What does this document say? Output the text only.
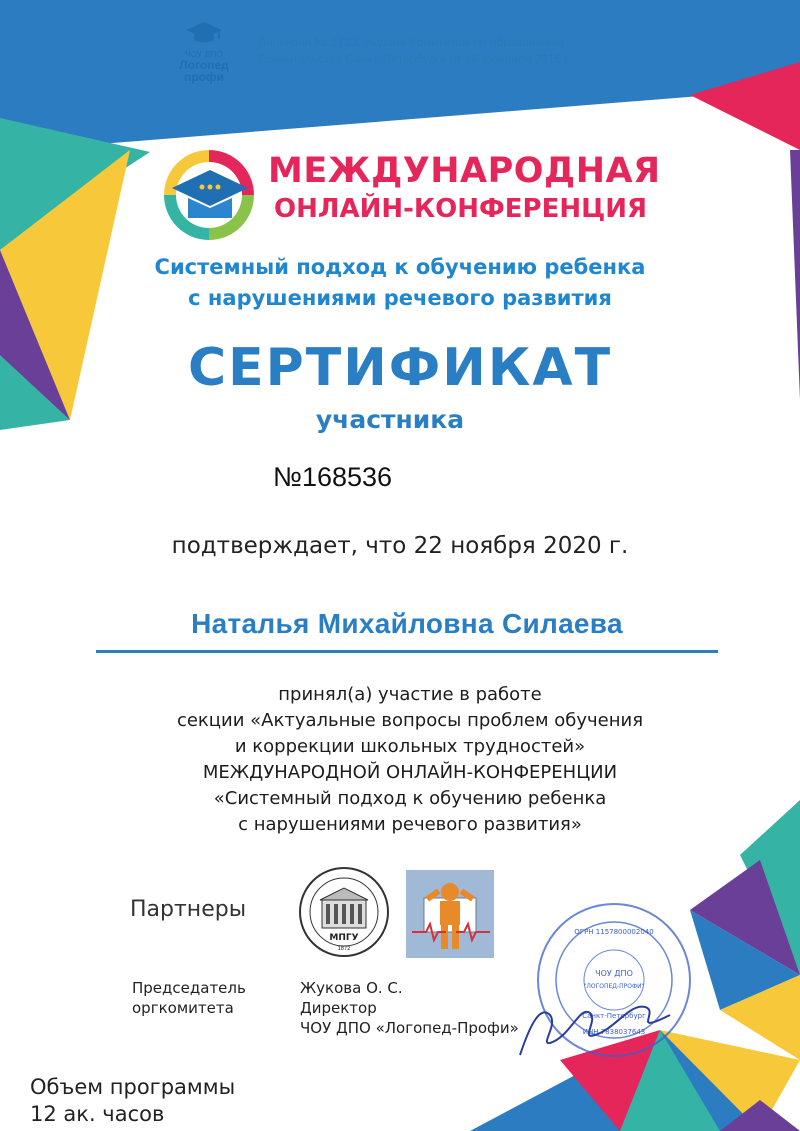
ЧОУ ДПО
Логопед
профи
Лицензия № 1723, выдана Комитетом по образованию
Правительства Санкт-Петербурга от 16 февраля 2016 г.
МЕЖДУНАРОДНАЯ
ОНЛАЙН-КОНФЕРЕНЦИЯ
Системный подход к обучению ребенка
с нарушениями речевого развития
СЕРТИФИКАТ
участника
№168536
подтверждает, что 22 ноября 2020 г.
Наталья Михайловна Силаева
принял(а) участие в работе
секции «Актуальные вопросы проблем обучения
и коррекции школьных трудностей»
МЕЖДУНАРОДНОЙ ОНЛАЙН-КОНФЕРЕНЦИИ
«Системный подход к обучению ребенка
с нарушениями речевого развития»
Партнеры
МПГУ
1872
Председатель
оргкомитета
Жукова О. С.
Директор
ЧОУ ДПО «Логопед-Профи»
ОГРН 1157800002040
ИНН 7838037643
ЧОУ ДПО
"ЛОГОПЕД-ПРОФИ"
Санкт-Петербург
Объем программы
12 ак. часов
